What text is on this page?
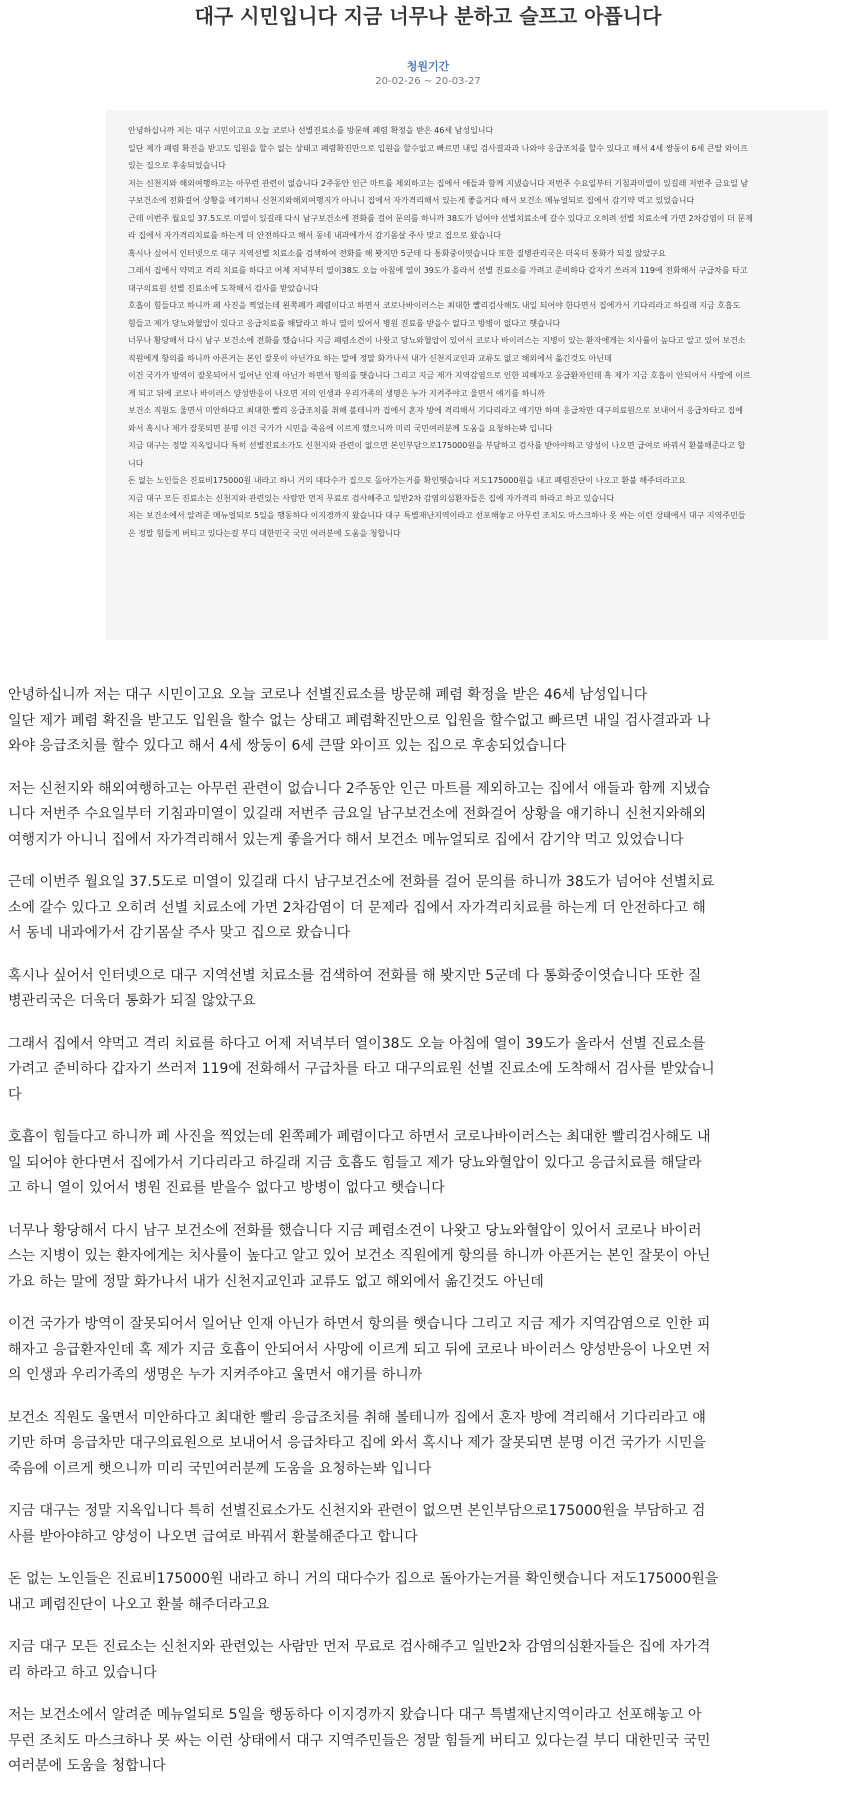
대구 시민입니다 지금 너무나 분하고 슬프고 아픕니다
청원기간
20-02-26 ~ 20-03-27
안녕하십니까 저는 대구 시민이고요 오늘 코로나 선별진료소를 방문해 폐렴 확정을 받은 46세 남성입니다
일단 제가 폐렴 확진을 받고도 입원을 할수 없는 상태고 폐렴확진만으로 입원을 할수없고 빠르면 내일 검사결과과 나와야 응급조치를 할수 있다고 해서 4세 쌍둥이 6세 큰딸 와이프
있는 집으로 후송되었습니다
저는 신천지와 해외여행하고는 아무런 관련이 없습니다 2주동안 인근 마트를 제외하고는 집에서 애들과 함께 지냈습니다 저번주 수요일부터 기침과미열이 있길래 저번주 금요일 남
구보건소에 전화걸어 상황을 얘기하니 신천지와해외여행지가 아니니 집에서 자가격리해서 있는게 좋을거다 해서 보건소 메뉴얼되로 집에서 감기약 먹고 있었습니다
근데 이번주 월요일 37.5도로 미열이 있길래 다시 남구보건소에 전화를 걸어 문의를 하니까 38도가 넘어야 선별치료소에 갈수 있다고 오히려 선별 치료소에 가면 2차감염이 더 문제
라 집에서 자가격리치료를 하는게 더 안전하다고 해서 동네 내과에가서 감기몸살 주사 맞고 집으로 왔습니다
혹시나 싶어서 인터넷으로 대구 지역선별 치료소를 검색하여 전화를 해 봣지만 5군데 다 통화중이엿습니다 또한 질병관리국은 더욱더 통화가 되질 않았구요
그래서 집에서 약먹고 격리 치료를 하다고 어제 저녁부터 열이38도 오늘 아침에 열이 39도가 올라서 선별 진료소를 가려고 준비하다 갑자기 쓰러져 119에 전화해서 구급차를 타고
대구의료원 선별 진료소에 도착해서 검사를 받았습니다
호흡이 힘들다고 하니까 페 사진을 찍었는데 왼쪽폐가 폐렴이다고 하면서 코로나바이러스는 최대한 빨리검사해도 내일 되어야 한다면서 집에가서 기다리라고 하길래 지금 호흡도
힘들고 제가 당뇨와혈압이 있다고 응급치료를 해달라고 하니 열이 있어서 병원 진료를 받을수 없다고 방병이 없다고 햇습니다
너무나 황당해서 다시 남구 보건소에 전화를 했습니다 지금 폐렴소견이 나왓고 당뇨와혈압이 있어서 코로나 바이러스는 지병이 있는 환자에게는 치사률이 높다고 알고 있어 보건소
직원에게 항의를 하니까 아픈거는 본인 잘못이 아닌가요 하는 말에 정말 화가나서 내가 신천지교인과 교류도 없고 해외에서 옮긴것도 아닌데
이건 국가가 방역이 잘못되어서 일어난 인재 아닌가 하면서 항의를 햇습니다 그리고 지금 제가 지역감염으로 인한 피해자고 응급환자인데 혹 제가 지금 호흡이 안되어서 사망에 이르
게 되고 뒤에 코로나 바이러스 양성반응이 나오면 저의 인생과 우리가족의 생명은 누가 지켜주야고 울면서 얘기를 하니까
보건소 직원도 울면서 미안하다고 최대한 빨리 응급조치를 취해 볼테니까 집에서 혼자 방에 격리해서 기다리라고 얘기만 하며 응급차만 대구의료원으로 보내어서 응급차타고 집에
와서 혹시나 제가 잘못되면 분명 이건 국가가 시민을 죽음에 이르게 했으니까 미리 국민여러분께 도움을 요청하는봐 입니다
지금 대구는 정말 지옥입니다 특히 선별진료소가도 신천지와 관련이 없으면 본인부담으로175000원을 부담하고 검사를 받아야하고 양성이 나오면 급여로 바꿔서 환불해준다고 합
니다
돈 없는 노인들은 진료비175000원 내라고 하니 거의 대다수가 집으로 돌아가는거를 확인햇습니다 저도175000원을 내고 폐렴진단이 나오고 환불 해주더라고요
지금 대구 모든 진료소는 신천지와 관련있는 사람만 먼저 무료로 검사해주고 일반2차 감염의심환자들은 집에 자가격리 하라고 하고 있습니다
저는 보건소에서 알려준 메뉴얼되로 5일을 행동하다 이지경까지 왔습니다 대구 특별재난지역이라고 선포해놓고 아무런 조치도 마스크하나 못 싸는 이런 상태에서 대구 지역주민들
은 정말 힘들게 버티고 있다는걸 부디 대한민국 국민 여러분에 도움을 청합니다
안녕하십니까 저는 대구 시민이고요 오늘 코로나 선별진료소를 방문해 폐렴 확정을 받은 46세 남성입니다
일단 제가 폐렴 확진을 받고도 입원을 할수 없는 상태고 폐렴확진만으로 입원을 할수없고 빠르면 내일 검사결과과 나
와야 응급조치를 할수 있다고 해서 4세 쌍둥이 6세 큰딸 와이프 있는 집으로 후송되었습니다
저는 신천지와 해외여행하고는 아무런 관련이 없습니다 2주동안 인근 마트를 제외하고는 집에서 애들과 함께 지냈습
니다 저번주 수요일부터 기침과미열이 있길래 저번주 금요일 남구보건소에 전화걸어 상황을 얘기하니 신천지와해외
여행지가 아니니 집에서 자가격리해서 있는게 좋을거다 해서 보건소 메뉴얼되로 집에서 감기약 먹고 있었습니다
근데 이번주 월요일 37.5도로 미열이 있길래 다시 남구보건소에 전화를 걸어 문의를 하니까 38도가 넘어야 선별치료
소에 갈수 있다고 오히려 선별 치료소에 가면 2차감염이 더 문제라 집에서 자가격리치료를 하는게 더 안전하다고 해
서 동네 내과에가서 감기몸살 주사 맞고 집으로 왔습니다
혹시나 싶어서 인터넷으로 대구 지역선별 치료소를 검색하여 전화를 해 봣지만 5군데 다 통화중이엿습니다 또한 질
병관리국은 더욱더 통화가 되질 않았구요
그래서 집에서 약먹고 격리 치료를 하다고 어제 저녁부터 열이38도 오늘 아침에 열이 39도가 올라서 선별 진료소를
가려고 준비하다 갑자기 쓰러져 119에 전화해서 구급차를 타고 대구의료원 선별 진료소에 도착해서 검사를 받았습니
다
호흡이 힘들다고 하니까 페 사진을 찍었는데 왼쪽폐가 폐렴이다고 하면서 코로나바이러스는 최대한 빨리검사해도 내
일 되어야 한다면서 집에가서 기다리라고 하길래 지금 호흡도 힘들고 제가 당뇨와혈압이 있다고 응급치료를 해달라
고 하니 열이 있어서 병원 진료를 받을수 없다고 방병이 없다고 햇습니다
너무나 황당해서 다시 남구 보건소에 전화를 했습니다 지금 폐렴소견이 나왓고 당뇨와혈압이 있어서 코로나 바이러
스는 지병이 있는 환자에게는 치사률이 높다고 알고 있어 보건소 직원에게 항의를 하니까 아픈거는 본인 잘못이 아닌
가요 하는 말에 정말 화가나서 내가 신천지교인과 교류도 없고 해외에서 옮긴것도 아닌데
이건 국가가 방역이 잘못되어서 일어난 인재 아닌가 하면서 항의를 햇습니다 그리고 지금 제가 지역감염으로 인한 피
해자고 응급환자인데 혹 제가 지금 호흡이 안되어서 사망에 이르게 되고 뒤에 코로나 바이러스 양성반응이 나오면 저
의 인생과 우리가족의 생명은 누가 지켜주야고 울면서 얘기를 하니까
보건소 직원도 울면서 미안하다고 최대한 빨리 응급조치를 취해 볼테니까 집에서 혼자 방에 격리해서 기다리라고 얘
기만 하며 응급차만 대구의료원으로 보내어서 응급차타고 집에 와서 혹시나 제가 잘못되면 분명 이건 국가가 시민을
죽음에 이르게 햇으니까 미리 국민여러분께 도움을 요청하는봐 입니다
지금 대구는 정말 지옥입니다 특히 선별진료소가도 신천지와 관련이 없으면 본인부담으로175000원을 부담하고 검
사를 받아야하고 양성이 나오면 급여로 바꿔서 환불해준다고 합니다
돈 없는 노인들은 진료비175000원 내라고 하니 거의 대다수가 집으로 돌아가는거를 확인햇습니다 저도175000원을
내고 폐렴진단이 나오고 환불 해주더라고요
지금 대구 모든 진료소는 신천지와 관련있는 사람만 먼저 무료로 검사해주고 일반2차 감염의심환자들은 집에 자가격
리 하라고 하고 있습니다
저는 보건소에서 알려준 메뉴얼되로 5일을 행동하다 이지경까지 왔습니다 대구 특별재난지역이라고 선포해놓고 아
무런 조치도 마스크하나 못 싸는 이런 상태에서 대구 지역주민들은 정말 힘들게 버티고 있다는걸 부디 대한민국 국민
여러분에 도움을 청합니다
